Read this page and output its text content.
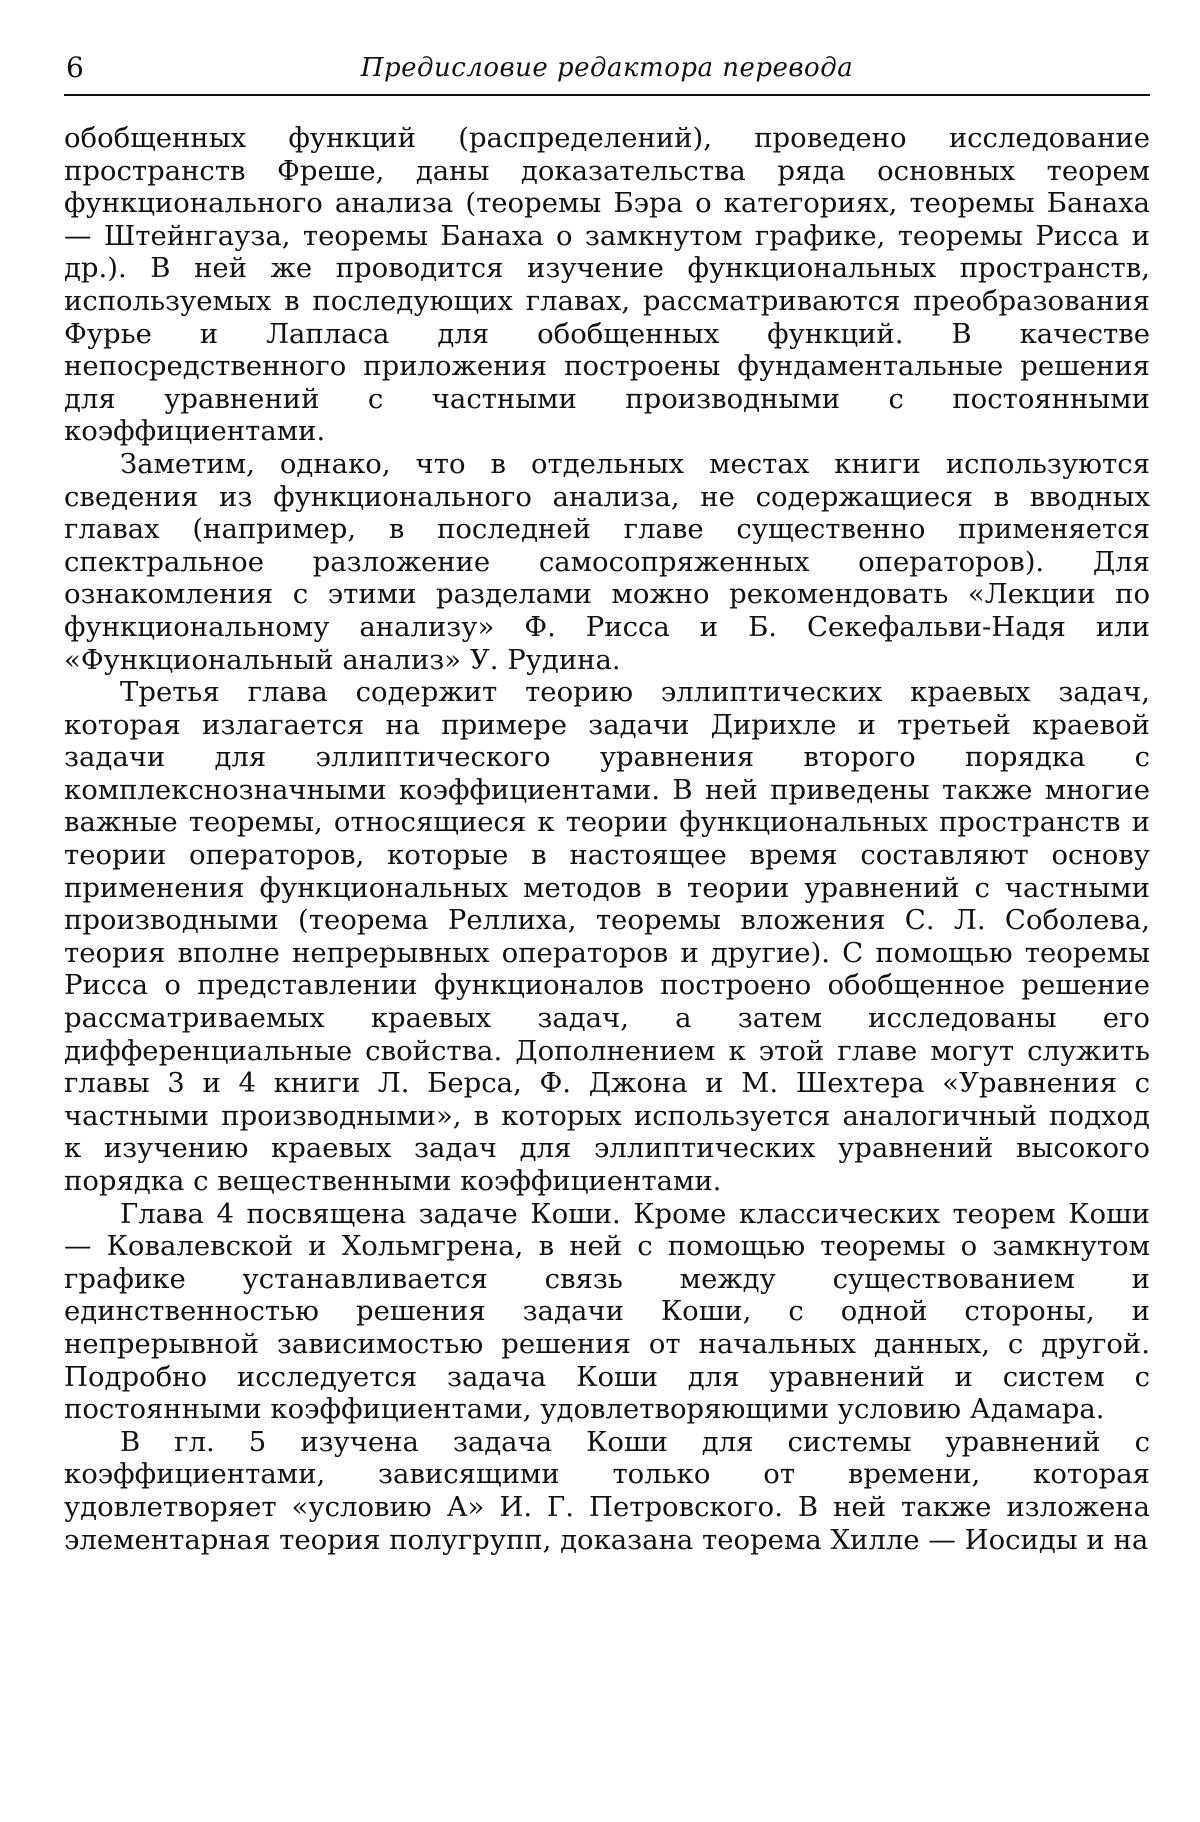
6	Предисловие редактора перевода

обобщенных функций (распределений), проведено исследование пространств Фреше, даны доказательства ряда основных теорем функционального анализа (теоремы Бэра о категориях, теоремы Банаха — Штейнгауза, теоремы Банаха о замкнутом графике, теоремы Рисса и др.). В ней же проводится изучение функциональных пространств, используемых в последующих главах, рассматриваются преобразования Фурье и Лапласа для обобщенных функций. В качестве непосредственного приложения построены фундаментальные решения для уравнений с частными производными с постоянными коэффициентами.

Заметим, однако, что в отдельных местах книги используются сведения из функционального анализа, не содержащиеся в вводных главах (например, в последней главе существенно применяется спектральное разложение самосопряженных операторов). Для ознакомления с этими разделами можно рекомендовать «Лекции по функциональному анализу» Ф. Рисса и Б. Секефальви-Надя или «Функциональный анализ» У. Рудина.

Третья глава содержит теорию эллиптических краевых задач, которая излагается на примере задачи Дирихле и третьей краевой задачи для эллиптического уравнения второго порядка с комплекснозначными коэффициентами. В ней приведены также многие важные теоремы, относящиеся к теории функциональных пространств и теории операторов, которые в настоящее время составляют основу применения функциональных методов в теории уравнений с частными производными (теорема Реллиха, теоремы вложения С. Л. Соболева, теория вполне непрерывных операторов и другие). С помощью теоремы Рисса о представлении функционалов построено обобщенное решение рассматриваемых краевых задач, а затем исследованы его дифференциальные свойства. Дополнением к этой главе могут служить главы 3 и 4 книги Л. Берса, Ф. Джона и М. Шехтера «Уравнения с частными производными», в которых используется аналогичный подход к изучению краевых задач для эллиптических уравнений высокого порядка с вещественными коэффициентами.

Глава 4 посвящена задаче Коши. Кроме классических теорем Коши — Ковалевской и Хольмгрена, в ней с помощью теоремы о замкнутом графике устанавливается связь между существованием и единственностью решения задачи Коши, с одной стороны, и непрерывной зависимостью решения от начальных данных, с другой. Подробно исследуется задача Коши для уравнений и систем с постоянными коэффициентами, удовлетворяющими условию Адамара.

В гл. 5 изучена задача Коши для системы уравнений с коэффициентами, зависящими только от времени, которая удовлетворяет «условию А» И. Г. Петровского. В ней также изложена элементарная теория полугрупп, доказана теорема Хилле — Иосиды и на
